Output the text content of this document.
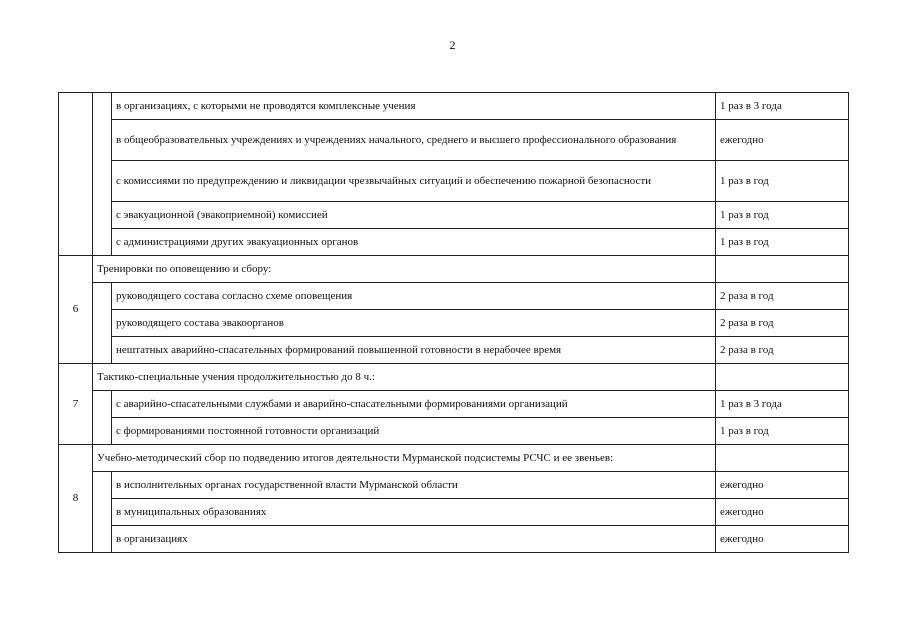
2
		в организациях, с которыми не проводятся комплексные учения	1 раз в 3 года
		в общеобразовательных учреждениях и учреждениях начального, среднего и высшего профессионального образования	ежегодно
		с комиссиями по предупреждению и ликвидации чрезвычайных ситуаций и обеспечению пожарной безопасности	1 раз в год
		с эвакуационной (эвакоприемной) комиссией	1 раз в год
		с администрациями других эвакуационных органов	1 раз в год
6	Тренировки по оповещению и сбору:		
		руководящего состава согласно схеме оповещения	2 раза в год
		руководящего состава эвакоорганов	2 раза в год
		нештатных аварийно-спасательных формирований повышенной готовности в нерабочее время	2 раза в год
7	Тактико-специальные учения продолжительностью до 8 ч.:		
		с аварийно-спасательными службами и аварийно-спасательными формированиями организаций	1 раз в 3 года
		с формированиями постоянной готовности организаций	1 раз в год
8	Учебно-методический сбор по подведению итогов деятельности Мурманской подсистемы РСЧС и ее звеньев:		
		в исполнительных органах государственной власти Мурманской области	ежегодно
		в муниципальных образованиях	ежегодно
		в организациях	ежегодно
